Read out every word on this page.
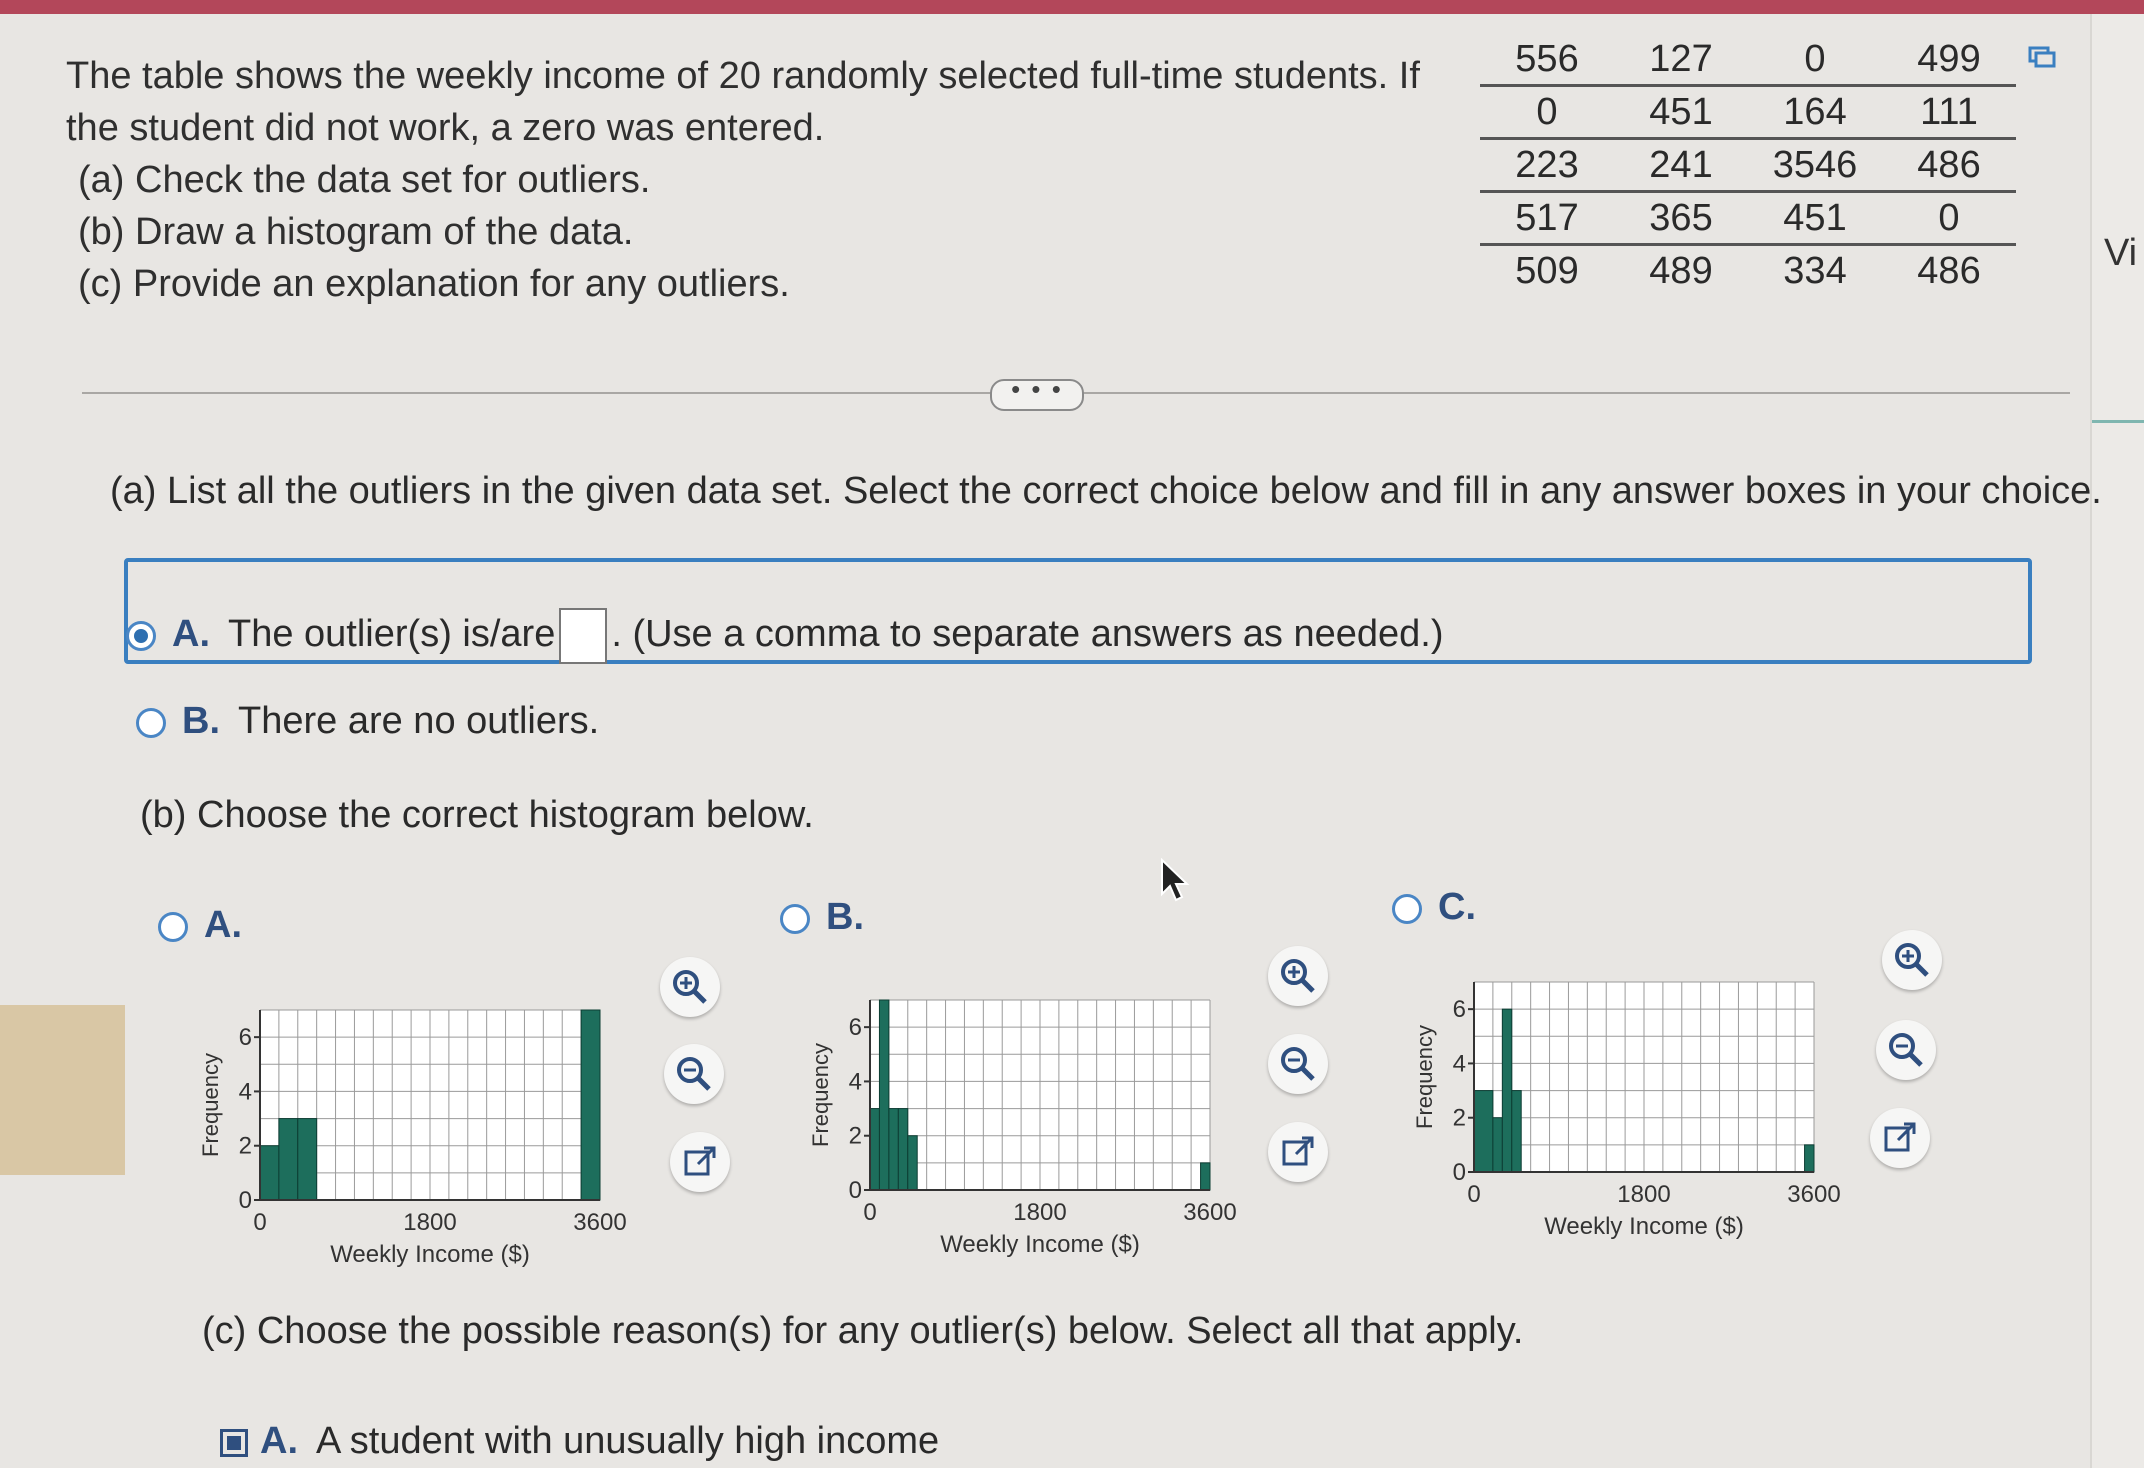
Vi
The table shows the weekly income of 20 randomly selected full-time students. If
the student did not work, a zero was entered.
(a) Check the data set for outliers.
(b) Draw a histogram of the data.
(c) Provide an explanation for any outliers.
556	127	0	499
0	451	164	111
223	241	3546	486
517	365	451	0
509	489	334	486
• • •
(a) List all the outliers in the given data set. Select the correct choice below and fill in any answer boxes in your choice.
A. The outlier(s) is/are . (Use a comma to separate answers as needed.)
B. There are no outliers.
(b) Choose the correct histogram below.
A.	B.	C.
0
2
4
6
0	1800	3600
Weekly Income ($)
Frequency
0
2
4
6
0	1800	3600
Weekly Income ($)
Frequency
0
2
4
6
0	1800	3600
Weekly Income ($)
Frequency
(c) Choose the possible reason(s) for any outlier(s) below. Select all that apply.
A. A student with unusually high income
